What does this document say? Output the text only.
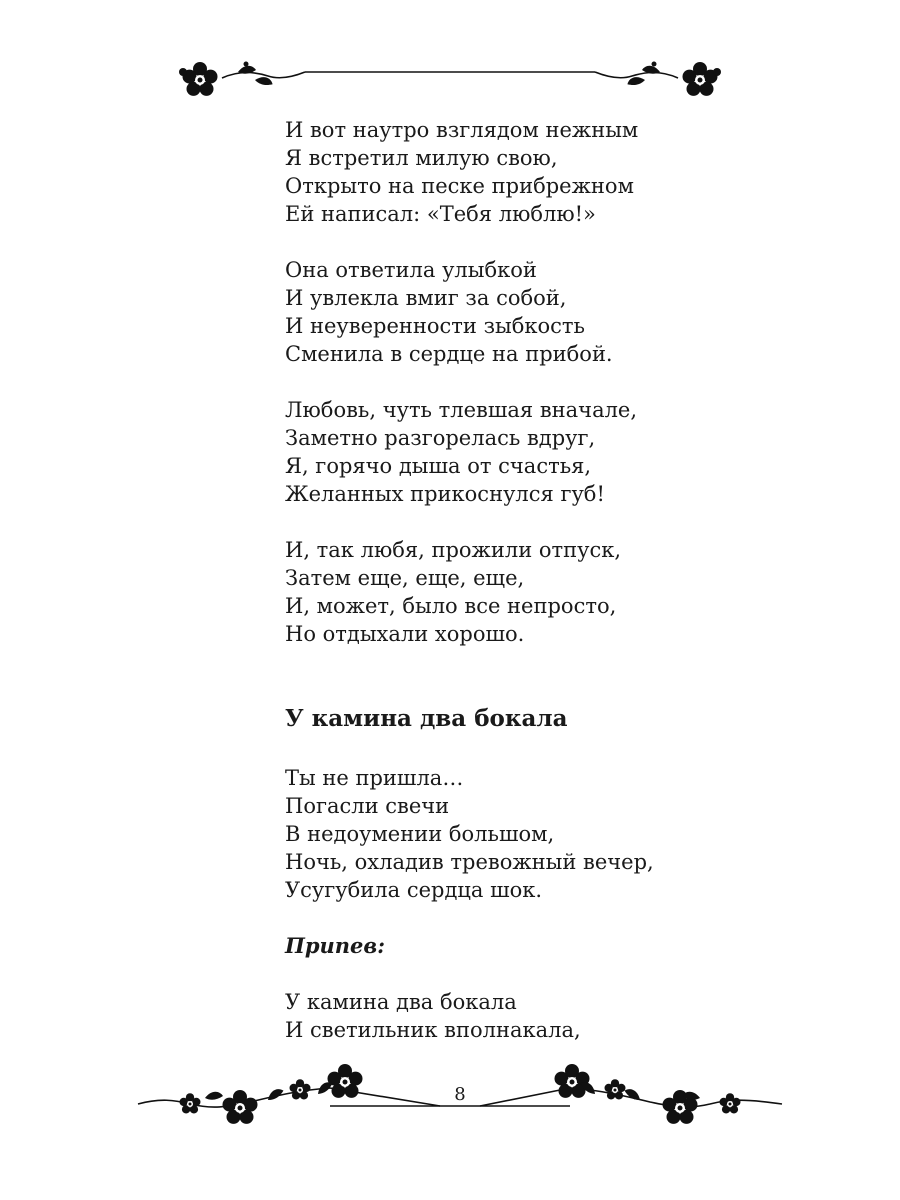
И вот наутро взглядом нежным
Я встретил милую свою,
Открыто на песке прибрежном
Ей написал: «Тебя люблю!»
Она ответила улыбкой
И увлекла вмиг за собой,
И неуверенности зыбкость
Сменила в сердце на прибой.
Любовь, чуть тлевшая вначале,
Заметно разгорелась вдруг,
Я, горячо дыша от счастья,
Желанных прикоснулся губ!
И, так любя, прожили отпуск,
Затем еще, еще, еще,
И, может, было все непросто,
Но отдыхали хорошо.
У камина два бокала
Ты не пришла…
Погасли свечи
В недоумении большом,
Ночь, охладив тревожный вечер,
Усугубила сердца шок.
Припев:
У камина два бокала
И светильник вполнакала,
8
